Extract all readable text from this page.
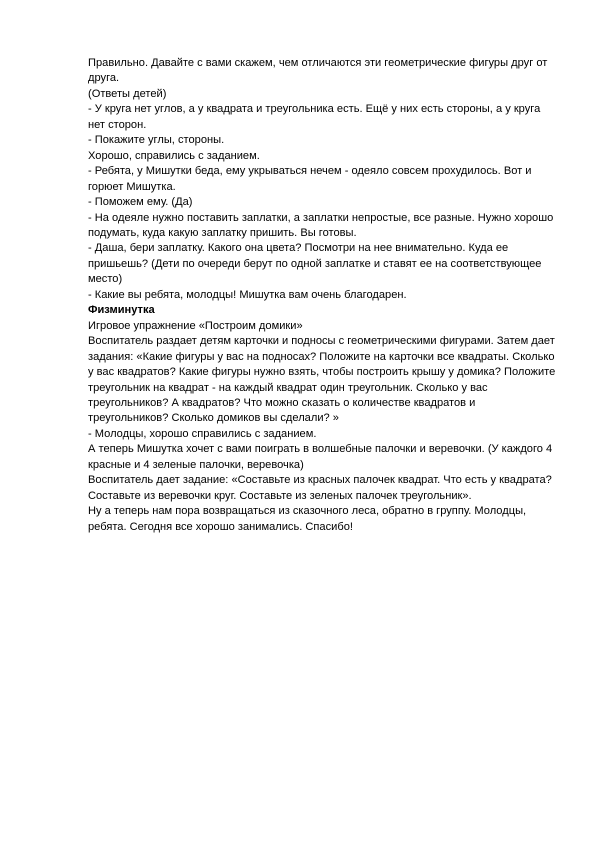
Правильно. Давайте с вами скажем, чем отличаются эти геометрические фигуры друг от друга.

(Ответы детей)

- У круга нет углов, а у квадрата и треугольника есть. Ещё у них есть стороны, а у круга нет сторон.

- Покажите углы, стороны.

Хорошо, справились с заданием.

- Ребята, у Мишутки беда, ему укрываться нечем - одеяло совсем прохудилось. Вот и горюет Мишутка.

- Поможем ему. (Да)

- На одеяле нужно поставить заплатки, а заплатки непростые, все разные. Нужно хорошо подумать, куда какую заплатку пришить. Вы готовы.

- Даша, бери заплатку. Какого она цвета? Посмотри на нее внимательно. Куда ее пришьешь? (Дети по очереди берут по одной заплатке и ставят ее на соответствующее место)

- Какие вы ребята, молодцы! Мишутка вам очень благодарен.

Физминутка

Игровое упражнение «Построим домики»

Воспитатель раздает детям карточки и подносы с геометрическими фигурами. Затем дает задания: «Какие фигуры у вас на подносах? Положите на карточки все квадраты. Сколько у вас квадратов? Какие фигуры нужно взять, чтобы построить крышу у домика? Положите треугольник на квадрат - на каждый квадрат один треугольник. Сколько у вас треугольников? А квадратов? Что можно сказать о количестве квадратов и треугольников? Сколько домиков вы сделали? »

- Молодцы, хорошо справились с заданием.

А теперь Мишутка хочет с вами поиграть в волшебные палочки и веревочки. (У каждого 4 красные и 4 зеленые палочки, веревочка)

Воспитатель дает задание: «Составьте из красных палочек квадрат. Что есть у квадрата? Составьте из веревочки круг. Составьте из зеленых палочек треугольник».

Ну а теперь нам пора возвращаться из сказочного леса, обратно в группу. Молодцы, ребята. Сегодня все хорошо занимались. Спасибо!
